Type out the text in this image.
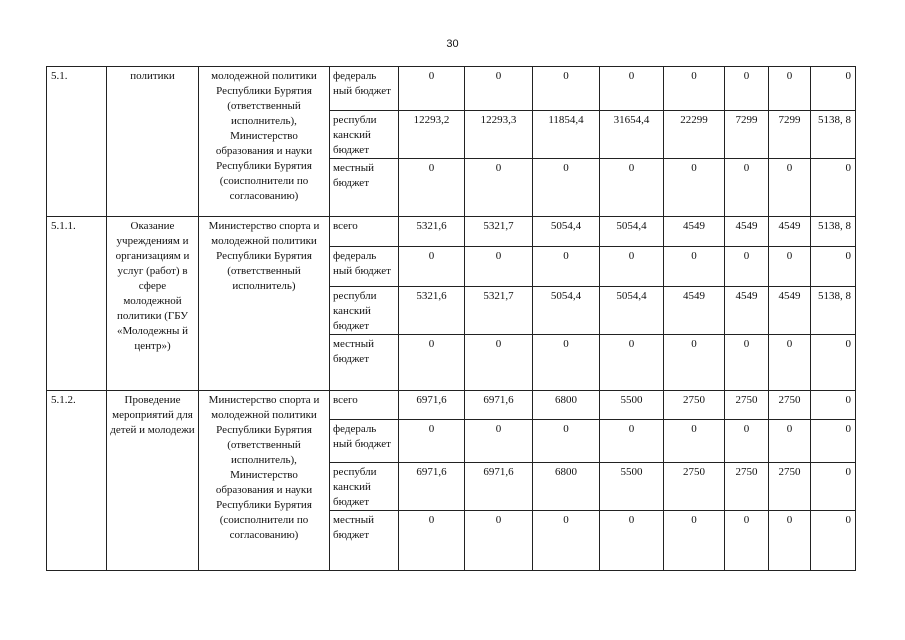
30
5.1.	политики	молодежной политики Республики Бурятия (ответственный исполнитель), Министерство образования и науки Республики Бурятия (соисполнители по согласованию)	федераль ный бюджет	0	0	0	0	0	0	0	0
			республи канский бюджет	12293,2	12293,3	11854,4	31654,4	22299	7299	7299	5138, 8
			местный бюджет	0	0	0	0	0	0	0	0
5.1.1.	Оказание учреждениям и организациям и услуг (работ) в сфере молодежной политики (ГБУ «Молодежны й центр»)	Министерство спорта и молодежной политики Республики Бурятия (ответственный исполнитель)	всего	5321,6	5321,7	5054,4	5054,4	4549	4549	4549	5138, 8
			федераль ный бюджет	0	0	0	0	0	0	0	0
			республи канский бюджет	5321,6	5321,7	5054,4	5054,4	4549	4549	4549	5138, 8
			местный бюджет	0	0	0	0	0	0	0	0
5.1.2.	Проведение мероприятий для детей и молодежи	Министерство спорта и молодежной политики Республики Бурятия (ответственный исполнитель), Министерство образования и науки Республики Бурятия (соисполнители по согласованию)	всего	6971,6	6971,6	6800	5500	2750	2750	2750	0
			федераль ный бюджет	0	0	0	0	0	0	0	0
			республи канский бюджет	6971,6	6971,6	6800	5500	2750	2750	2750	0
			местный бюджет	0	0	0	0	0	0	0	0
